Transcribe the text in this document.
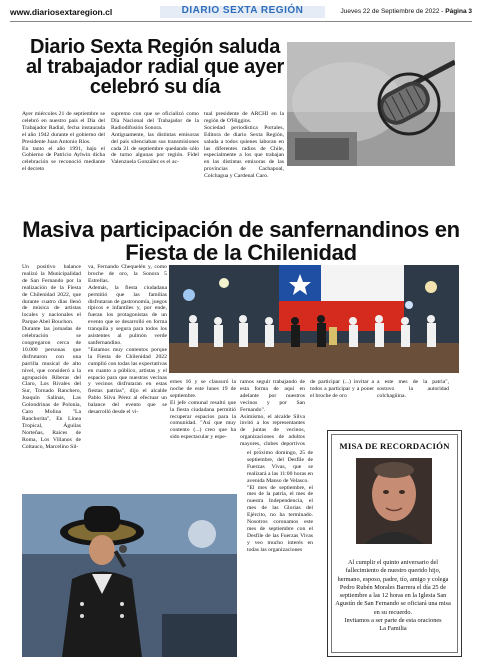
www.diariosextaregion.cl	DIARIO SEXTA REGIÓN	Jueves 22 de Septiembre de 2022 - Página 3
Diario Sexta Región saluda al trabajador radial que ayer celebró su día
Ayer miércoles 21 de septiembre se celebró en nuestro país el Día del Trabajador Radial, fecha instaurada el año 1942 durante el gobierno del Presidente Juan Antonio Ríos.
En tanto el año 1991, bajo el Gobierno de Patricio Aylwin dicha celebración se reconoció mediante el decreto
supremo con que se oficializó como Día Nacional del Trabajador de la Radiodifusión Sonora.
Antiguamente, las distintas emisoras del país silenciaban sus transmisiones cada 21 de septiembre quedando sólo de turno algunas por región. Fidel Valenzuela González es el ac-
tual presidente de ARCHI en la región de O'Higgins.
Sociedad periodística Portales, Editora de diario Sexta Región, saluda a todos quienes laboran en las diferentes radios de Chile, especialmente a los que trabajan en las distintas emisoras de las provincias de Cachapoal, Colchagua y Cardenal Caro.
Masiva participación de sanfernandinos en Fiesta de la Chilenidad
Un positivo balance realizó la Municipalidad de San Fernando por la realización de la Fiesta de Chilenidad 2022, que durante cuatro días llenó de música de artistas locales y nacionales el Parque Abel Bouchon.
Durante las jornadas de celebración se congregaron cerca de 10.000 personas que disfrutaron con una parrilla musical de alto nivel, que consideró a la agrupación Riberas del Claro, Los Rivales del Sur, Tornado Ranchero, Joaquín Salinas, Las Golondrinas de Polonia, Caro Molina "La Ranchorita", En Línea Tropical, Águilas Norteñas, Raíces de Roma, Los Villanos de Coltauco, Marcelino Sil-
va, Fernando Chequelén y, como broche de oro, la Sonora 5 Estrellas.
Además, la fiesta ciudadana permitió que las familias disfrutaran de gastronomía, juegos típicos e infantiles y, por ende, fueran los protagonistas de un evento que se desarrolló en forma tranquila y segura para todos los asistentes al pulmón verde sanfernandino.
"Estamos muy contentos porque la Fiesta de Chilenidad 2022 cumplió con todas las expectativas en cuanto a público, artistas y el espacio para que nuestras vecinas y vecinos disfrutaran en estas fiestas patrias", dijo el alcalde Pablo Silva Pérez al efectuar un balance del evento que se desarrolló desde el vi-
ernes 16 y se clausuró la noche de este lunes 19 de septiembre.
El jefe comunal resaltó que la fiesta ciudadana permitió recuperar espacios para la comunidad. "Así que muy contento (...) creo que ha sido espectacular y espe-
ramos seguir trabajando de esta forma de aquí en adelante por nuestros vecinos y por San Fernando".
Asimismo, el alcalde Silva invitó a los representantes de juntas de vecinos, organizaciones de adultos mayores, clubes deportivos
de participar (...) invitar a todos a participar y a poner el broche de oro
a este mes de la patria", sostuvo la autoridad colchagüina.
el próximo domingo, 25 de septiembre, del Desfile de Fuerzas Vivas, que se realizará a las 11:00 horas en avenida Manso de Velasco.
"El mes de septiembre, el mes de la patria, el mes de nuestra Independencia, el mes de las Glorias del Ejército, no ha terminado. Nosotros coronamos este mes de septiembre con el Desfile de las Fuerzas Vivas y veo mucho interés en todas las organizaciones
MISA DE RECORDACIÓN
Al cumplir el quinto aniversario del fallecimiento de nuestro querido hijo, hermano, esposo, padre, tío, amigo y colega Pedro Rubén Morales Barrera el día 25 de septiembre a las 12 horas en la Iglesia San Agustín de San Fernando se oficiará una misa en su recuerdo.
Invitamos a ser parte de esta oraciones
La Familia
